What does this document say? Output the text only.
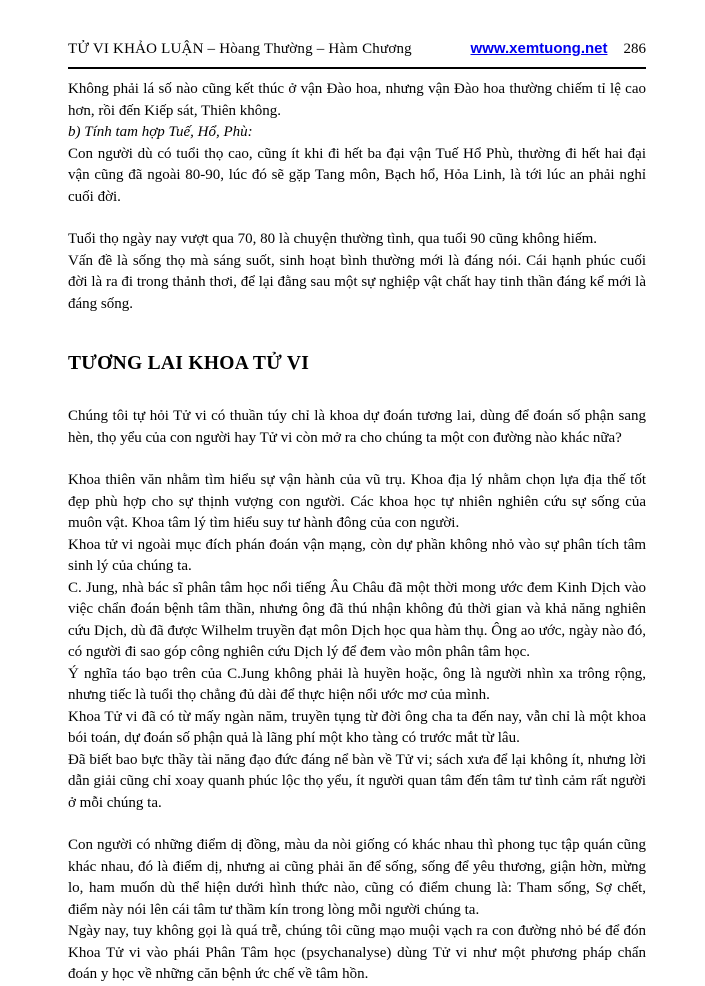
TỬ VI KHẢO LUẬN – Hòang Thường – Hàm Chương	www.xemtuong.net 286

Không phải lá số nào cũng kết thúc ở vận Đào hoa, nhưng vận Đào hoa thường chiếm tỉ lệ cao hơn, rồi đến Kiếp sát, Thiên không.

b) Tính tam hợp Tuế, Hổ, Phù:

Con người dù có tuổi thọ cao, cũng ít khi đi hết ba đại vận Tuế Hổ Phù, thường đi hết hai đại vận cũng đã ngoài 80-90, lúc đó sẽ gặp Tang môn, Bạch hổ, Hỏa Linh, là tới lúc an phải nghỉ cuối đời.

Tuổi thọ ngày nay vượt qua 70, 80 là chuyện thường tình, qua tuổi 90 cũng không hiếm.

Vấn đề là sống thọ mà sáng suốt, sinh hoạt bình thường mới là đáng nói. Cái hạnh phúc cuối đời là ra đi trong thảnh thơi, để lại đằng sau một sự nghiệp vật chất hay tinh thần đáng kể mới là đáng sống.

TƯƠNG LAI KHOA TỬ VI

Chúng tôi tự hỏi Tử vi có thuần túy chỉ là khoa dự đoán tương lai, dùng để đoán số phận sang hèn, thọ yểu của con người hay Tử vi còn mở ra cho chúng ta một con đường nào khác nữa?

Khoa thiên văn nhằm tìm hiểu sự vận hành của vũ trụ. Khoa địa lý nhằm chọn lựa địa thế tốt đẹp phù hợp cho sự thịnh vượng con người. Các khoa học tự nhiên nghiên cứu sự sống của muôn vật. Khoa tâm lý tìm hiểu suy tư hành đông của con người.

Khoa tử vi ngoài mục đích phán đoán vận mạng, còn dự phần không nhỏ vào sự phân tích tâm sinh lý của chúng ta.

C. Jung, nhà bác sĩ phân tâm học nổi tiếng Âu Châu đã một thời mong ước đem Kinh Dịch vào việc chẩn đoán bệnh tâm thần, nhưng ông đã thú nhận không đủ thời gian và khả năng nghiên cứu Dịch, dù đã được Wilhelm truyền đạt môn Dịch học qua hàm thụ. Ông ao ước, ngày nào đó, có người đi sao góp công nghiên cứu Dịch lý để đem vào môn phân tâm học.

Ý nghĩa táo bạo trên của C.Jung không phải là huyền hoặc, ông là người nhìn xa trông rộng, nhưng tiếc là tuổi thọ chẳng đủ dài để thực hiện nổi ước mơ của mình.

Khoa Tử vi đã có từ mấy ngàn năm, truyền tụng từ đời ông cha ta đến nay, vẫn chỉ là một khoa bói toán, dự đoán số phận quả là lãng phí một kho tàng có trước mắt từ lâu.

Đã biết bao bực thầy tài năng đạo đức đáng nể bàn về Tử vi; sách xưa để lại không ít, nhưng lời dẫn giải cũng chỉ xoay quanh phúc lộc thọ yểu, ít người quan tâm đến tâm tư tình cảm rất người ở mỗi chúng ta.

Con người có những điểm dị đồng, màu da nòi giống có khác nhau thì phong tục tập quán cũng khác nhau, đó là điểm dị, nhưng ai cũng phải ăn để sống, sống để yêu thương, giận hờn, mừng lo, ham muốn dù thể hiện dưới hình thức nào, cũng có điểm chung là: Tham sống, Sợ chết, điểm này nói lên cái tâm tư thầm kín trong lòng mỗi người chúng ta.

Ngày nay, tuy không gọi là quá trễ, chúng tôi cũng mạo muội vạch ra con đường nhỏ bé để đón Khoa Tử vi vào phái Phân Tâm học (psychanalyse) dùng Tử vi như một phương pháp chẩn đoán y học về những căn bệnh ức chế về tâm hồn.
